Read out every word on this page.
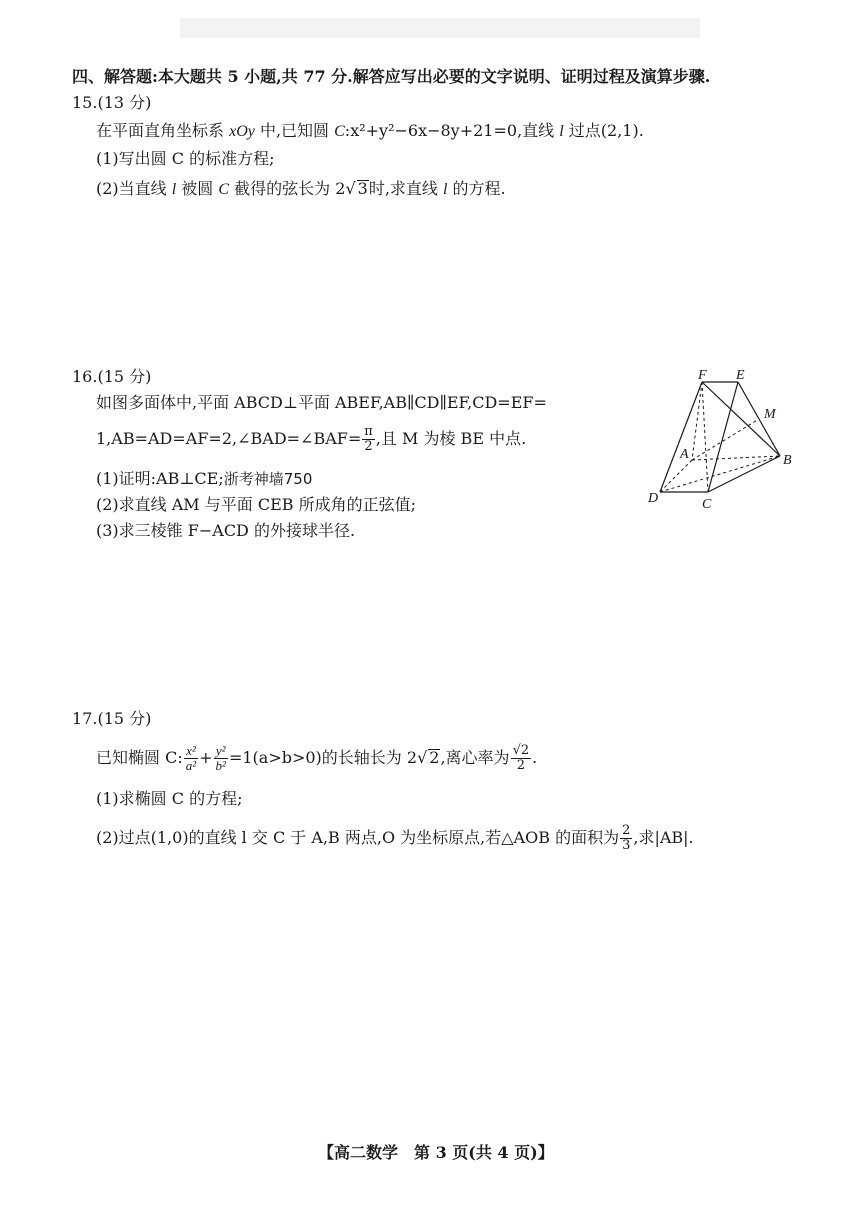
四、解答题:本大题共 5 小题,共 77 分.解答应写出必要的文字说明、证明过程及演算步骤.
15.(13 分)
在平面直角坐标系 xOy 中,已知圆 C:x²+y²−6x−8y+21=0,直线 l 过点(2,1).
(1)写出圆 C 的标准方程;
(2)当直线 l 被圆 C 截得的弦长为 2√ 3时,求直线 l 的方程.
16.(15 分)
如图多面体中,平面 ABCD⊥平面 ABEF,AB∥CD∥EF,CD=EF=
1,AB=AD=AF=2,∠BAD=∠BAF= $\frac{\pi}{2}$ ,且 M 为棱 BE 中点.
(1)证明:AB⊥CE;浙考神墙750
(2)求直线 AM 与平面 CEB 所成角的正弦值;
(3)求三棱锥 F−ACD 的外接球半径.
F E
M
A	B
D	C
17.(15 分)
已知椭圆 C: $\frac{\text{x²}}{\text{a²}} + \frac{\text{y²}}{\text{b²}} =1(a>b>0)$的长轴长为 2√ 2,离心率为 $\frac{√2}{2}$ .
(1)求椭圆 C 的方程;
(2)过点(1,0)的直线 l 交 C 于 A,B 两点,O 为坐标原点,若△AOB 的面积为 $\frac{2}{3}$ ,求|AB|.
【高二数学　第 3 页(共 4 页)】
